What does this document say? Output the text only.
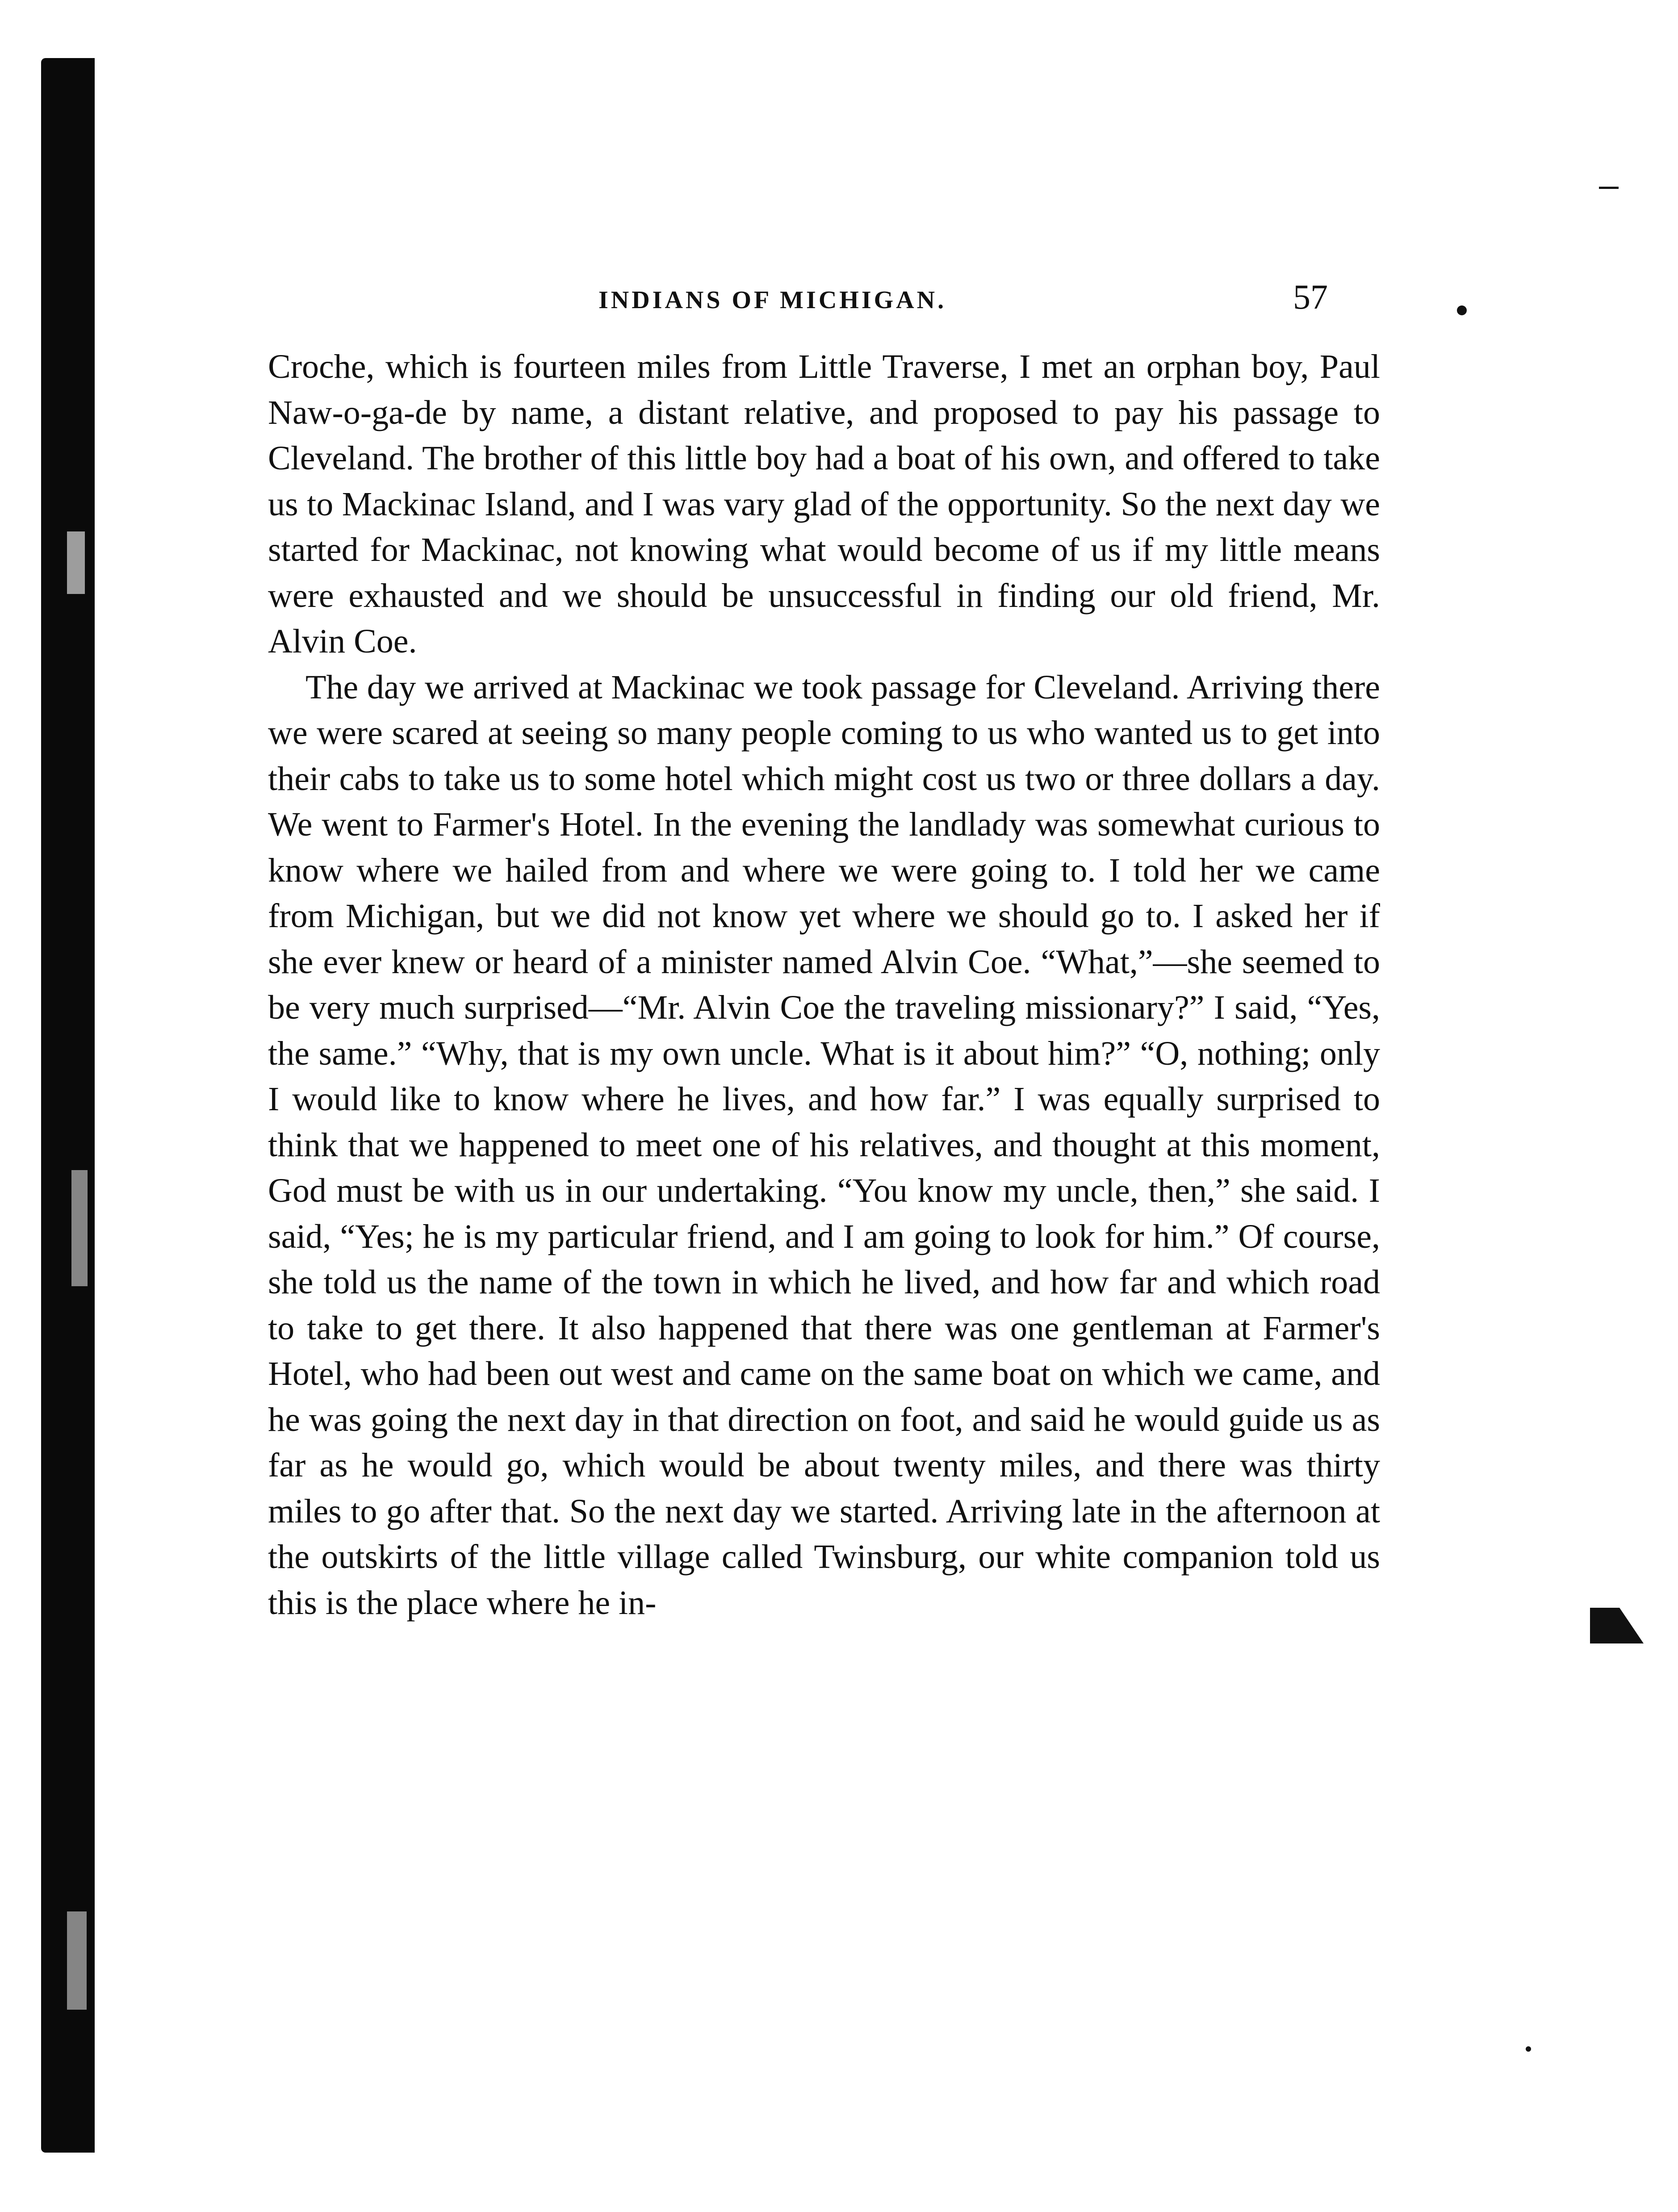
INDIANS OF MICHIGAN.	57

Croche, which is fourteen miles from Little Traverse, I met an orphan boy, Paul Naw-o-ga-de by name, a distant relative, and proposed to pay his passage to Cleveland. The brother of this little boy had a boat of his own, and offered to take us to Mackinac Island, and I was vary glad of the opportunity. So the next day we started for Mackinac, not knowing what would become of us if my little means were exhausted and we should be unsuccessful in finding our old friend, Mr. Alvin Coe.

The day we arrived at Mackinac we took passage for Cleveland. Arriving there we were scared at seeing so many people coming to us who wanted us to get into their cabs to take us to some hotel which might cost us two or three dollars a day. We went to Farmer's Hotel. In the evening the landlady was somewhat curious to know where we hailed from and where we were going to. I told her we came from Michigan, but we did not know yet where we should go to. I asked her if she ever knew or heard of a minister named Alvin Coe. “What,”—she seemed to be very much surprised—“Mr. Alvin Coe the traveling missionary?” I said, “Yes, the same.” “Why, that is my own uncle. What is it about him?” “O, nothing; only I would like to know where he lives, and how far.” I was equally surprised to think that we happened to meet one of his relatives, and thought at this moment, God must be with us in our undertaking. “You know my uncle, then,” she said. I said, “Yes; he is my particular friend, and I am going to look for him.” Of course, she told us the name of the town in which he lived, and how far and which road to take to get there. It also happened that there was one gentleman at Farmer's Hotel, who had been out west and came on the same boat on which we came, and he was going the next day in that direction on foot, and said he would guide us as far as he would go, which would be about twenty miles, and there was thirty miles to go after that. So the next day we started. Arriving late in the afternoon at the outskirts of the little village called Twinsburg, our white companion told us this is the place where he in-
